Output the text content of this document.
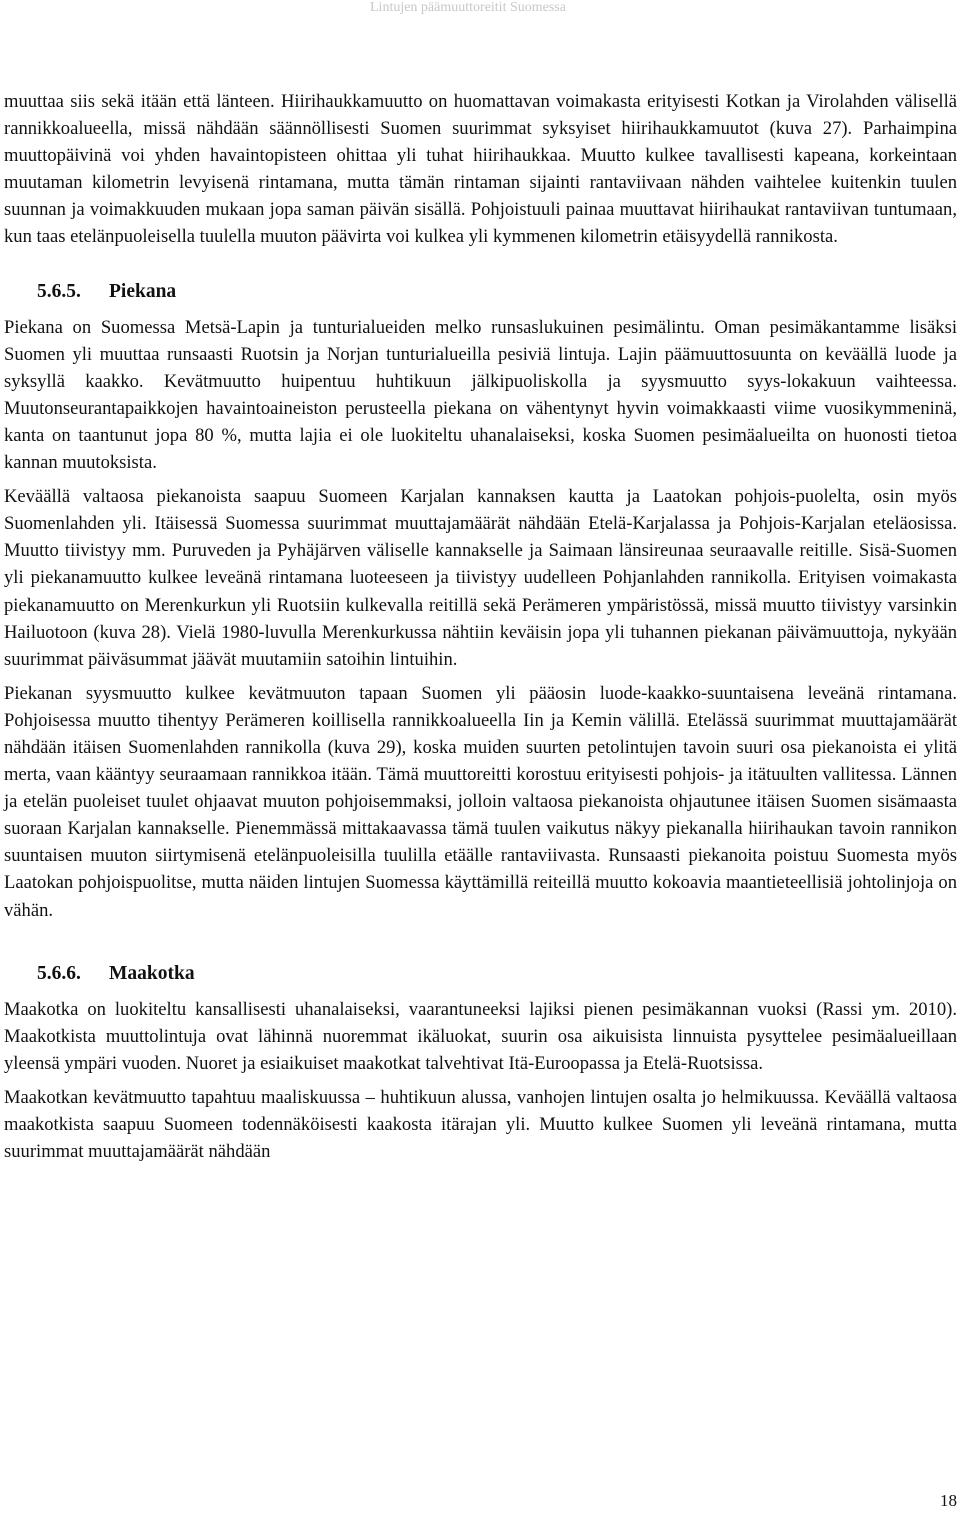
Lintujen päämuuttoreitit Suomessa

muuttaa siis sekä itään että länteen. Hiirihaukkamuutto on huomattavan voimakasta erityisesti Kotkan ja Virolahden välisellä rannikkoalueella, missä nähdään säännöllisesti Suomen suurimmat syksyiset hiirihaukkamuutot (kuva 27). Parhaimpina muuttopäivinä voi yhden havaintopisteen ohittaa yli tuhat hiirihaukkaa. Muutto kulkee tavallisesti kapeana, korkeintaan muutaman kilometrin levyisenä rintamana, mutta tämän rintaman sijainti rantaviivaan nähden vaihtelee kuitenkin tuulen suunnan ja voimakkuuden mukaan jopa saman päivän sisällä. Pohjoistuuli painaa muuttavat hiirihaukat rantaviivan tuntumaan, kun taas etelänpuoleisella tuulella muuton päävirta voi kulkea yli kymmenen kilometrin etäisyydellä rannikosta.

5.6.5. Piekana

Piekana on Suomessa Metsä-Lapin ja tunturialueiden melko runsaslukuinen pesimälintu. Oman pesimäkantamme lisäksi Suomen yli muuttaa runsaasti Ruotsin ja Norjan tunturialueilla pesiviä lintuja. Lajin päämuuttosuunta on keväällä luode ja syksyllä kaakko. Kevätmuutto huipentuu huhtikuun jälkipuoliskolla ja syysmuutto syys-lokakuun vaihteessa. Muutonseurantapaikkojen havaintoaineiston perusteella piekana on vähentynyt hyvin voimakkaasti viime vuosikymmeninä, kanta on taantunut jopa 80 %, mutta lajia ei ole luokiteltu uhanalaiseksi, koska Suomen pesimäalueilta on huonosti tietoa kannan muutoksista.

Keväällä valtaosa piekanoista saapuu Suomeen Karjalan kannaksen kautta ja Laatokan pohjois-puolelta, osin myös Suomenlahden yli. Itäisessä Suomessa suurimmat muuttajamäärät nähdään Etelä-Karjalassa ja Pohjois-Karjalan eteläosissa. Muutto tiivistyy mm. Puruveden ja Pyhäjärven väliselle kannakselle ja Saimaan länsireunaa seuraavalle reitille. Sisä-Suomen yli piekanamuutto kulkee leveänä rintamana luoteeseen ja tiivistyy uudelleen Pohjanlahden rannikolla. Erityisen voimakasta piekanamuutto on Merenkurkun yli Ruotsiin kulkevalla reitillä sekä Perämeren ympäristössä, missä muutto tiivistyy varsinkin Hailuotoon (kuva 28). Vielä 1980-luvulla Merenkurkussa nähtiin keväisin jopa yli tuhannen piekanan päivämuuttoja, nykyään suurimmat päiväsummat jäävät muutamiin satoihin lintuihin.

Piekanan syysmuutto kulkee kevätmuuton tapaan Suomen yli pääosin luode-kaakko-suuntaisena leveänä rintamana. Pohjoisessa muutto tihentyy Perämeren koillisella rannikkoalueella Iin ja Kemin välillä. Etelässä suurimmat muuttajamäärät nähdään itäisen Suomenlahden rannikolla (kuva 29), koska muiden suurten petolintujen tavoin suuri osa piekanoista ei ylitä merta, vaan kääntyy seuraamaan rannikkoa itään. Tämä muuttoreitti korostuu erityisesti pohjois- ja itätuulten vallitessa. Lännen ja etelän puoleiset tuulet ohjaavat muuton pohjoisemmaksi, jolloin valtaosa piekanoista ohjautunee itäisen Suomen sisämaasta suoraan Karjalan kannakselle. Pienemmässä mittakaavassa tämä tuulen vaikutus näkyy piekanalla hiirihaukan tavoin rannikon suuntaisen muuton siirtymisenä etelänpuoleisilla tuulilla etäälle rantaviivasta. Runsaasti piekanoita poistuu Suomesta myös Laatokan pohjoispuolitse, mutta näiden lintujen Suomessa käyttämillä reiteillä muutto kokoavia maantieteellisiä johtolinjoja on vähän.

5.6.6. Maakotka

Maakotka on luokiteltu kansallisesti uhanalaiseksi, vaarantuneeksi lajiksi pienen pesimäkannan vuoksi (Rassi ym. 2010). Maakotkista muuttolintuja ovat lähinnä nuoremmat ikäluokat, suurin osa aikuisista linnuista pysyttelee pesimäalueillaan yleensä ympäri vuoden. Nuoret ja esiaikuiset maakotkat talvehtivat Itä-Euroopassa ja Etelä-Ruotsissa.

Maakotkan kevätmuutto tapahtuu maaliskuussa – huhtikuun alussa, vanhojen lintujen osalta jo helmikuussa. Keväällä valtaosa maakotkista saapuu Suomeen todennäköisesti kaakosta itärajan yli. Muutto kulkee Suomen yli leveänä rintamana, mutta suurimmat muuttajamäärät nähdään

18
